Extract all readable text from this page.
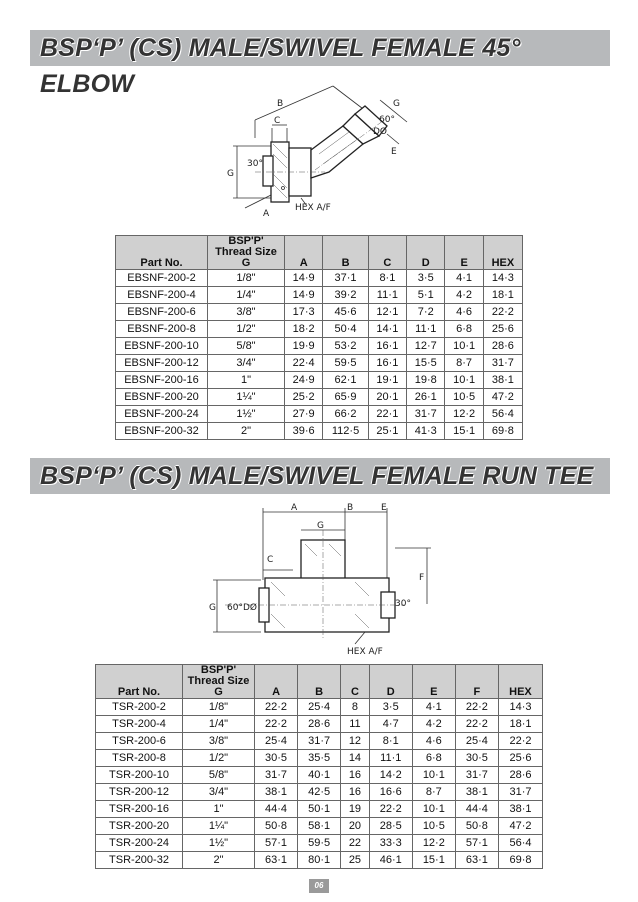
BSP‘P’ (CS) MALE/SWIVEL FEMALE 45° ELBOW
B
C
G
30°
A
HEX A/F
G
60°
DØ
E
Part No.	BSP'P'
Thread Size
G	A	B	C	D	E	HEX
EBSNF-200-2	1/8"	14·9	37·1	8·1	3·5	4·1	14·3
EBSNF-200-4	1/4"	14·9	39·2	11·1	5·1	4·2	18·1
EBSNF-200-6	3/8"	17·3	45·6	12·1	7·2	4·6	22·2
EBSNF-200-8	1/2"	18·2	50·4	14·1	11·1	6·8	25·6
EBSNF-200-10	5/8"	19·9	53·2	16·1	12·7	10·1	28·6
EBSNF-200-12	3/4"	22·4	59·5	16·1	15·5	8·7	31·7
EBSNF-200-16	1"	24·9	62·1	19·1	19·8	10·1	38·1
EBSNF-200-20	1¼"	25·2	65·9	20·1	26·1	10·5	47·2
EBSNF-200-24	1½"	27·9	66·2	22·1	31·7	12·2	56·4
EBSNF-200-32	2"	39·6	112·5	25·1	41·3	15·1	69·8
BSP‘P’ (CS) MALE/SWIVEL FEMALE RUN TEE
A	B	E
G
C
F
G 60° DØ	30°
HEX A/F
Part No.	BSP'P'
Thread Size
G	A	B	C	D	E	F	HEX
TSR-200-2	1/8"	22·2	25·4	8	3·5	4·1	22·2	14·3
TSR-200-4	1/4"	22·2	28·6	11	4·7	4·2	22·2	18·1
TSR-200-6	3/8"	25·4	31·7	12	8·1	4·6	25·4	22·2
TSR-200-8	1/2"	30·5	35·5	14	11·1	6·8	30·5	25·6
TSR-200-10	5/8"	31·7	40·1	16	14·2	10·1	31·7	28·6
TSR-200-12	3/4"	38·1	42·5	16	16·6	8·7	38·1	31·7
TSR-200-16	1"	44·4	50·1	19	22·2	10·1	44·4	38·1
TSR-200-20	1¼"	50·8	58·1	20	28·5	10·5	50·8	47·2
TSR-200-24	1½"	57·1	59·5	22	33·3	12·2	57·1	56·4
TSR-200-32	2"	63·1	80·1	25	46·1	15·1	63·1	69·8
06
